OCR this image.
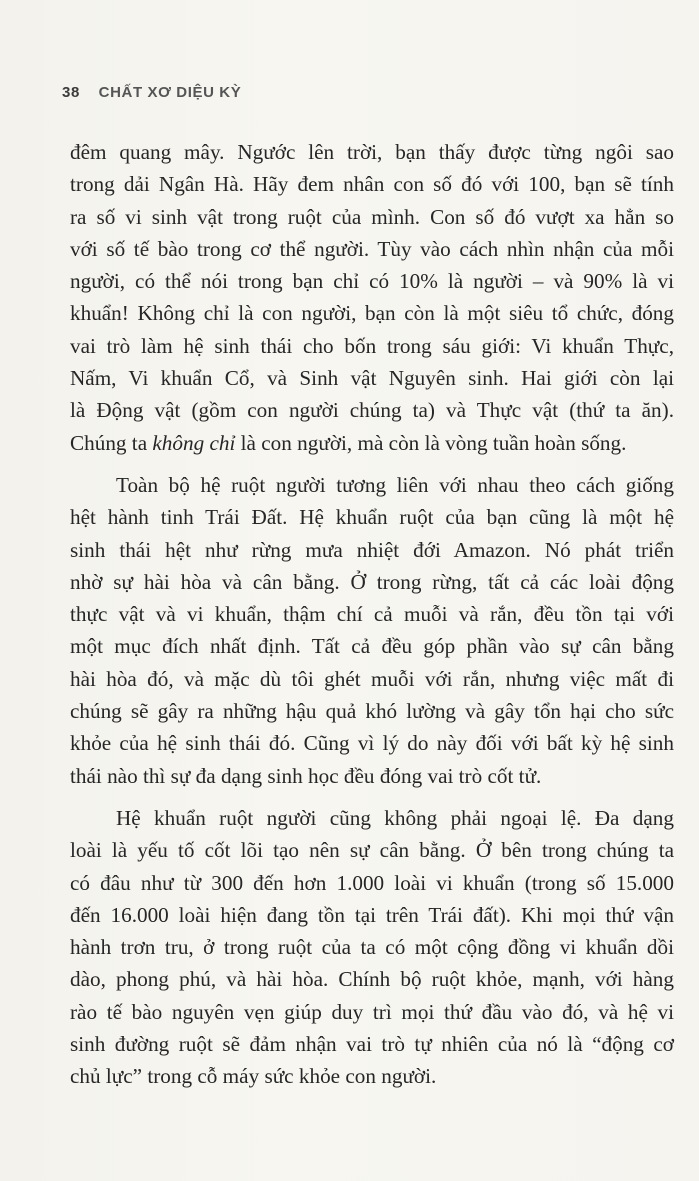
38 CHẤT XƠ DIỆU KỲ

đêm quang mây. Ngước lên trời, bạn thấy được từng ngôi sao
trong dải Ngân Hà. Hãy đem nhân con số đó với 100, bạn sẽ tính
ra số vi sinh vật trong ruột của mình. Con số đó vượt xa hẳn so
với số tế bào trong cơ thể người. Tùy vào cách nhìn nhận của mỗi
người, có thể nói trong bạn chỉ có 10% là người – và 90% là vi
khuẩn! Không chỉ là con người, bạn còn là một siêu tổ chức, đóng
vai trò làm hệ sinh thái cho bốn trong sáu giới: Vi khuẩn Thực,
Nấm, Vi khuẩn Cổ, và Sinh vật Nguyên sinh. Hai giới còn lại
là Động vật (gồm con người chúng ta) và Thực vật (thứ ta ăn).
Chúng ta không chỉ là con người, mà còn là vòng tuần hoàn sống.

Toàn bộ hệ ruột người tương liên với nhau theo cách giống
hệt hành tinh Trái Đất. Hệ khuẩn ruột của bạn cũng là một hệ
sinh thái hệt như rừng mưa nhiệt đới Amazon. Nó phát triển
nhờ sự hài hòa và cân bằng. Ở trong rừng, tất cả các loài động
thực vật và vi khuẩn, thậm chí cả muỗi và rắn, đều tồn tại với
một mục đích nhất định. Tất cả đều góp phần vào sự cân bằng
hài hòa đó, và mặc dù tôi ghét muỗi với rắn, nhưng việc mất đi
chúng sẽ gây ra những hậu quả khó lường và gây tổn hại cho sức
khỏe của hệ sinh thái đó. Cũng vì lý do này đối với bất kỳ hệ sinh
thái nào thì sự đa dạng sinh học đều đóng vai trò cốt tử.

Hệ khuẩn ruột người cũng không phải ngoại lệ. Đa dạng
loài là yếu tố cốt lõi tạo nên sự cân bằng. Ở bên trong chúng ta
có đâu như từ 300 đến hơn 1.000 loài vi khuẩn (trong số 15.000
đến 16.000 loài hiện đang tồn tại trên Trái đất). Khi mọi thứ vận
hành trơn tru, ở trong ruột của ta có một cộng đồng vi khuẩn dồi
dào, phong phú, và hài hòa. Chính bộ ruột khỏe, mạnh, với hàng
rào tế bào nguyên vẹn giúp duy trì mọi thứ đầu vào đó, và hệ vi
sinh đường ruột sẽ đảm nhận vai trò tự nhiên của nó là “động cơ
chủ lực” trong cỗ máy sức khỏe con người.
